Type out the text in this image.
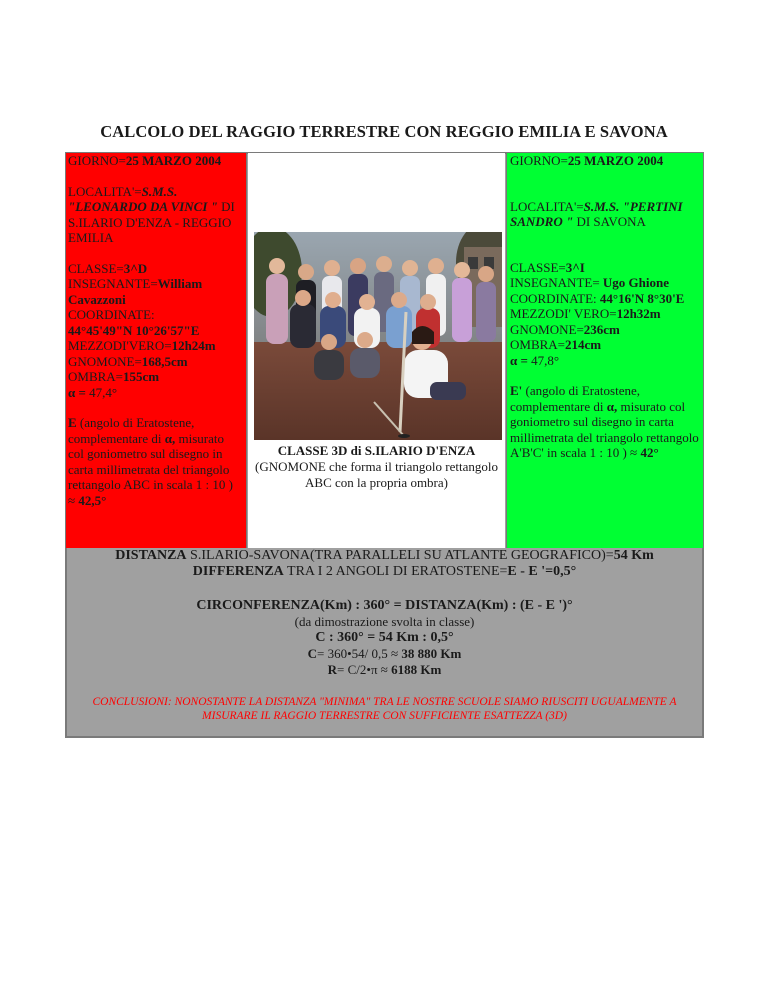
CALCOLO DEL RAGGIO TERRESTRE CON REGGIO EMILIA E SAVONA

GIORNO=25 MARZO 2004

LOCALITA'=S.M.S. "LEONARDO DA VINCI " DI S.ILARIO D'ENZA - REGGIO EMILIA

CLASSE=3^D

INSEGNANTE=William Cavazzoni

COORDINATE:
44°45'49"N 10°26'57"E

MEZZODI'VERO=12h24m

GNOMONE=168,5cm

OMBRA=155cm

α = 47,4°

E (angolo di Eratostene, complementare di α, misurato col goniometro sul disegno in carta millimetrata del triangolo rettangolo ABC in scala 1 : 10 ) ≈ 42,5°

CLASSE 3D di S.ILARIO D'ENZA
(GNOMONE che forma il triangolo rettangolo ABC con la propria ombra)

GIORNO=25 MARZO 2004

LOCALITA'=S.M.S. "PERTINI SANDRO " DI SAVONA

CLASSE=3^I

INSEGNANTE= Ugo Ghione

COORDINATE: 44°16'N 8°30'E

MEZZODI' VERO=12h32m

GNOMONE=236cm

OMBRA=214cm

α = 47,8°

E' (angolo di Eratostene, complementare di α, misurato col goniometro sul disegno in carta millimetrata del triangolo rettangolo A'B'C' in scala 1 : 10 ) ≈ 42°

DISTANZA S.ILARIO-SAVONA(TRA PARALLELI SU ATLANTE GEOGRAFICO)=54 Km
DIFFERENZA TRA I 2 ANGOLI DI ERATOSTENE=E - E '=0,5°
CIRCONFERENZA(Km) : 360° = DISTANZA(Km) : (E - E ')°
(da dimostrazione svolta in classe)
C : 360° = 54 Km : 0,5°
C= 360•54/ 0,5 ≈ 38 880 Km
R= C/2•π ≈ 6188 Km
CONCLUSIONI: NONOSTANTE LA DISTANZA "MINIMA" TRA LE NOSTRE SCUOLE SIAMO RIUSCITI UGUALMENTE A MISURARE IL RAGGIO TERRESTRE CON SUFFICIENTE ESATTEZZA (3D)
